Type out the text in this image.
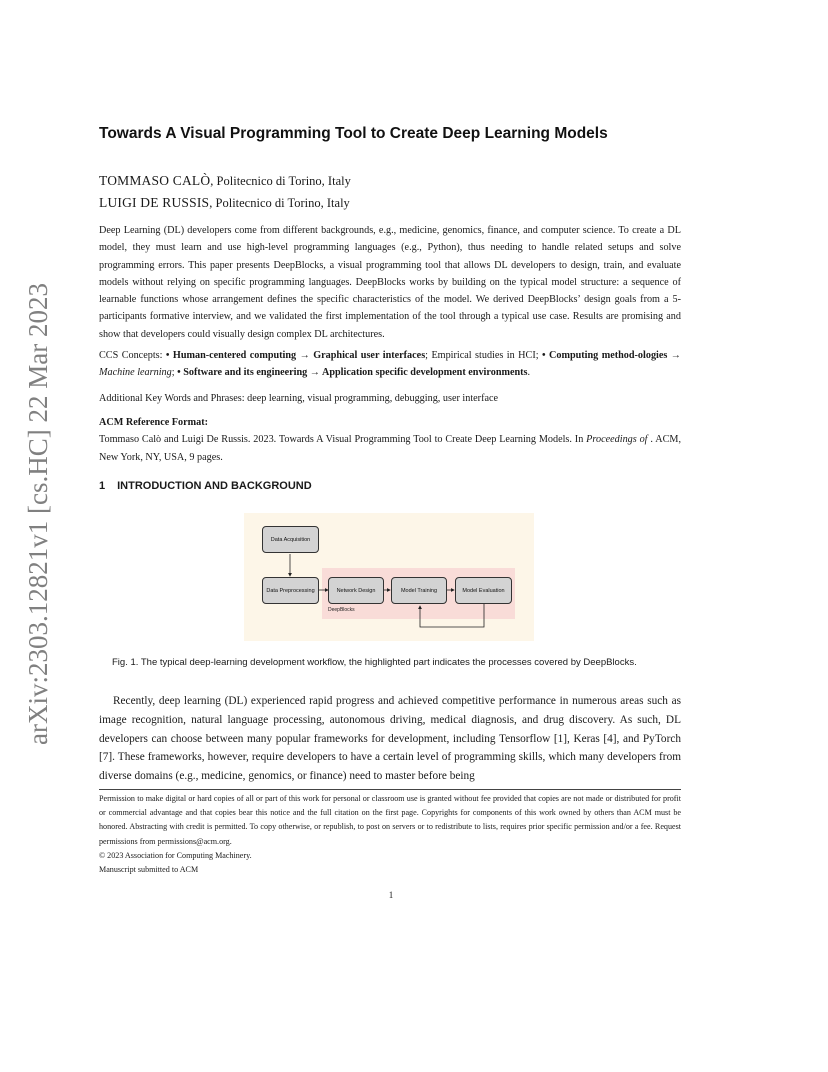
arXiv:2303.12821v1 [cs.HC] 22 Mar 2023
Towards A Visual Programming Tool to Create Deep Learning Models
TOMMASO CALÒ, Politecnico di Torino, Italy
LUIGI DE RUSSIS, Politecnico di Torino, Italy

Deep Learning (DL) developers come from different backgrounds, e.g., medicine, genomics, finance, and computer science. To create a DL model, they must learn and use high-level programming languages (e.g., Python), thus needing to handle related setups and solve programming errors. This paper presents DeepBlocks, a visual programming tool that allows DL developers to design, train, and evaluate models without relying on specific programming languages. DeepBlocks works by building on the typical model structure: a sequence of learnable functions whose arrangement defines the specific characteristics of the model. We derived DeepBlocks’ design goals from a 5-participants formative interview, and we validated the first implementation of the tool through a typical use case. Results are promising and show that developers could visually design complex DL architectures.

CCS Concepts: • Human-centered computing → Graphical user interfaces; Empirical studies in HCI; • Computing method-ologies → Machine learning; • Software and its engineering → Application specific development environments.

Additional Key Words and Phrases: deep learning, visual programming, debugging, user interface

ACM Reference Format:

Tommaso Calò and Luigi De Russis. 2023. Towards A Visual Programming Tool to Create Deep Learning Models. In Proceedings of . ACM, New York, NY, USA, 9 pages.

1 INTRODUCTION AND BACKGROUND
Data Acquisition
Data Preprocessing	Network Design	Model Training	Model Evaluation
DeepBlocks
Fig. 1. The typical deep-learning development workflow, the highlighted part indicates the processes covered by DeepBlocks.

Recently, deep learning (DL) experienced rapid progress and achieved competitive performance in numerous areas such as image recognition, natural language processing, autonomous driving, medical diagnosis, and drug discovery. As such, DL developers can choose between many popular frameworks for development, including Tensorflow [1], Keras [4], and PyTorch [7]. These frameworks, however, require developers to have a certain level of programming skills, which many developers from diverse domains (e.g., medicine, genomics, or finance) need to master before being

Permission to make digital or hard copies of all or part of this work for personal or classroom use is granted without fee provided that copies are not made or distributed for profit or commercial advantage and that copies bear this notice and the full citation on the first page. Copyrights for components of this work owned by others than ACM must be honored. Abstracting with credit is permitted. To copy otherwise, or republish, to post on servers or to redistribute to lists, requires prior specific permission and/or a fee. Request permissions from permissions@acm.org.

© 2023 Association for Computing Machinery.

Manuscript submitted to ACM

1
